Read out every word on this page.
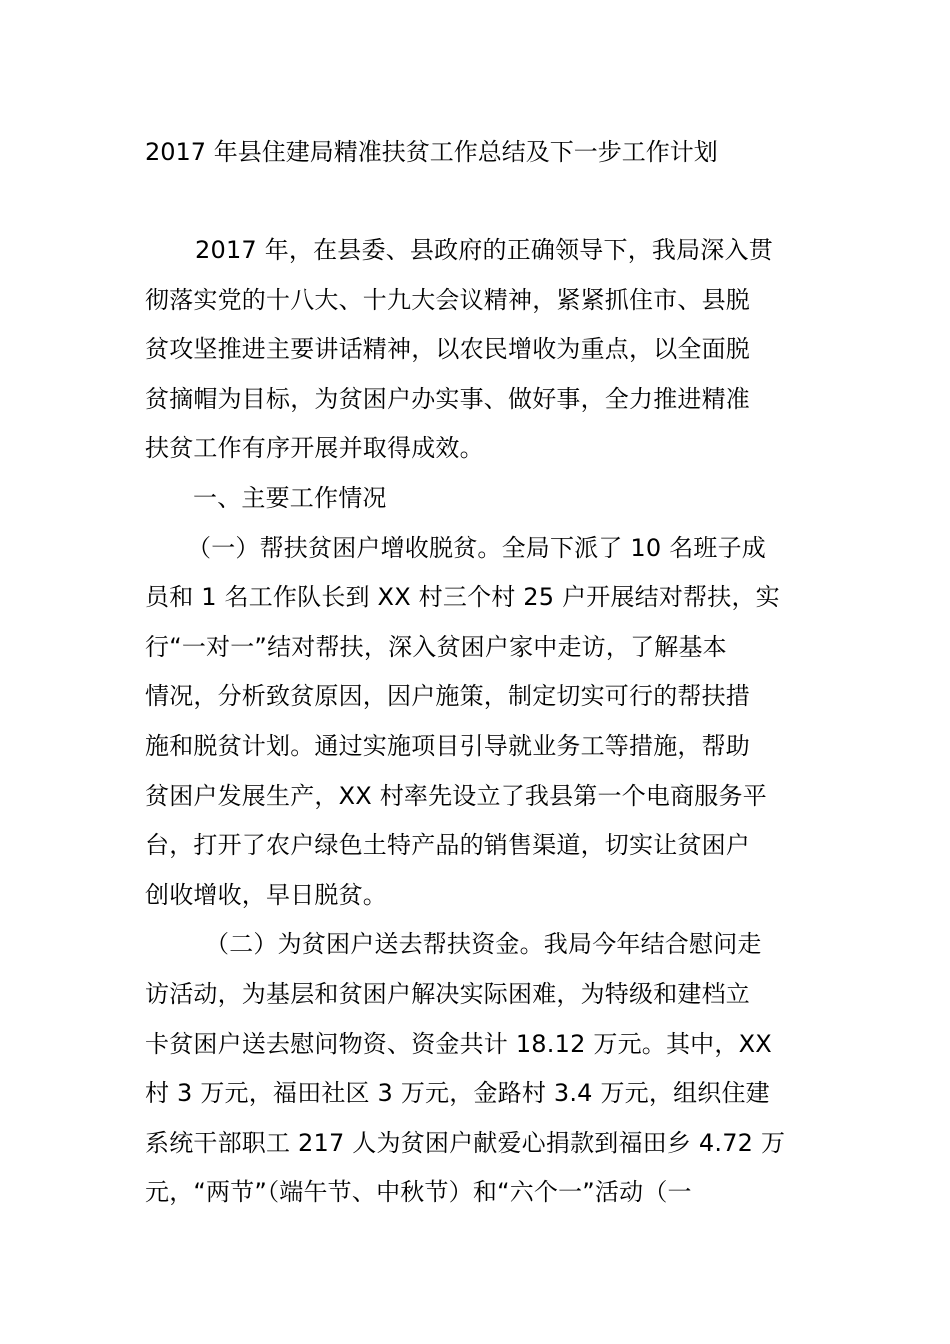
2017 年县住建局精准扶贫工作总结及下一步工作计划
2017 年，在县委、县政府的正确领导下，我局深入贯
彻落实党的十八大、十九大会议精神，紧紧抓住市、县脱
贫攻坚推进主要讲话精神，以农民增收为重点，以全面脱
贫摘帽为目标，为贫困户办实事、做好事，全力推进精准
扶贫工作有序开展并取得成效。
一、主要工作情况
（一）帮扶贫困户增收脱贫。全局下派了 10 名班子成
员和 1 名工作队长到 XX 村三个村 25 户开展结对帮扶，实
行“一对一”结对帮扶，深入贫困户家中走访，了解基本
情况，分析致贫原因，因户施策，制定切实可行的帮扶措
施和脱贫计划。通过实施项目引导就业务工等措施，帮助
贫困户发展生产，XX 村率先设立了我县第一个电商服务平
台，打开了农户绿色土特产品的销售渠道，切实让贫困户
创收增收，早日脱贫。
（二）为贫困户送去帮扶资金。我局今年结合慰问走
访活动，为基层和贫困户解决实际困难，为特级和建档立
卡贫困户送去慰问物资、资金共计 18.12 万元。其中，XX
村 3 万元，福田社区 3 万元，金路村 3.4 万元，组织住建
系统干部职工 217 人为贫困户献爱心捐款到福田乡 4.72 万
元，“两节”（端午节、中秋节）和“六个一”活动（一
